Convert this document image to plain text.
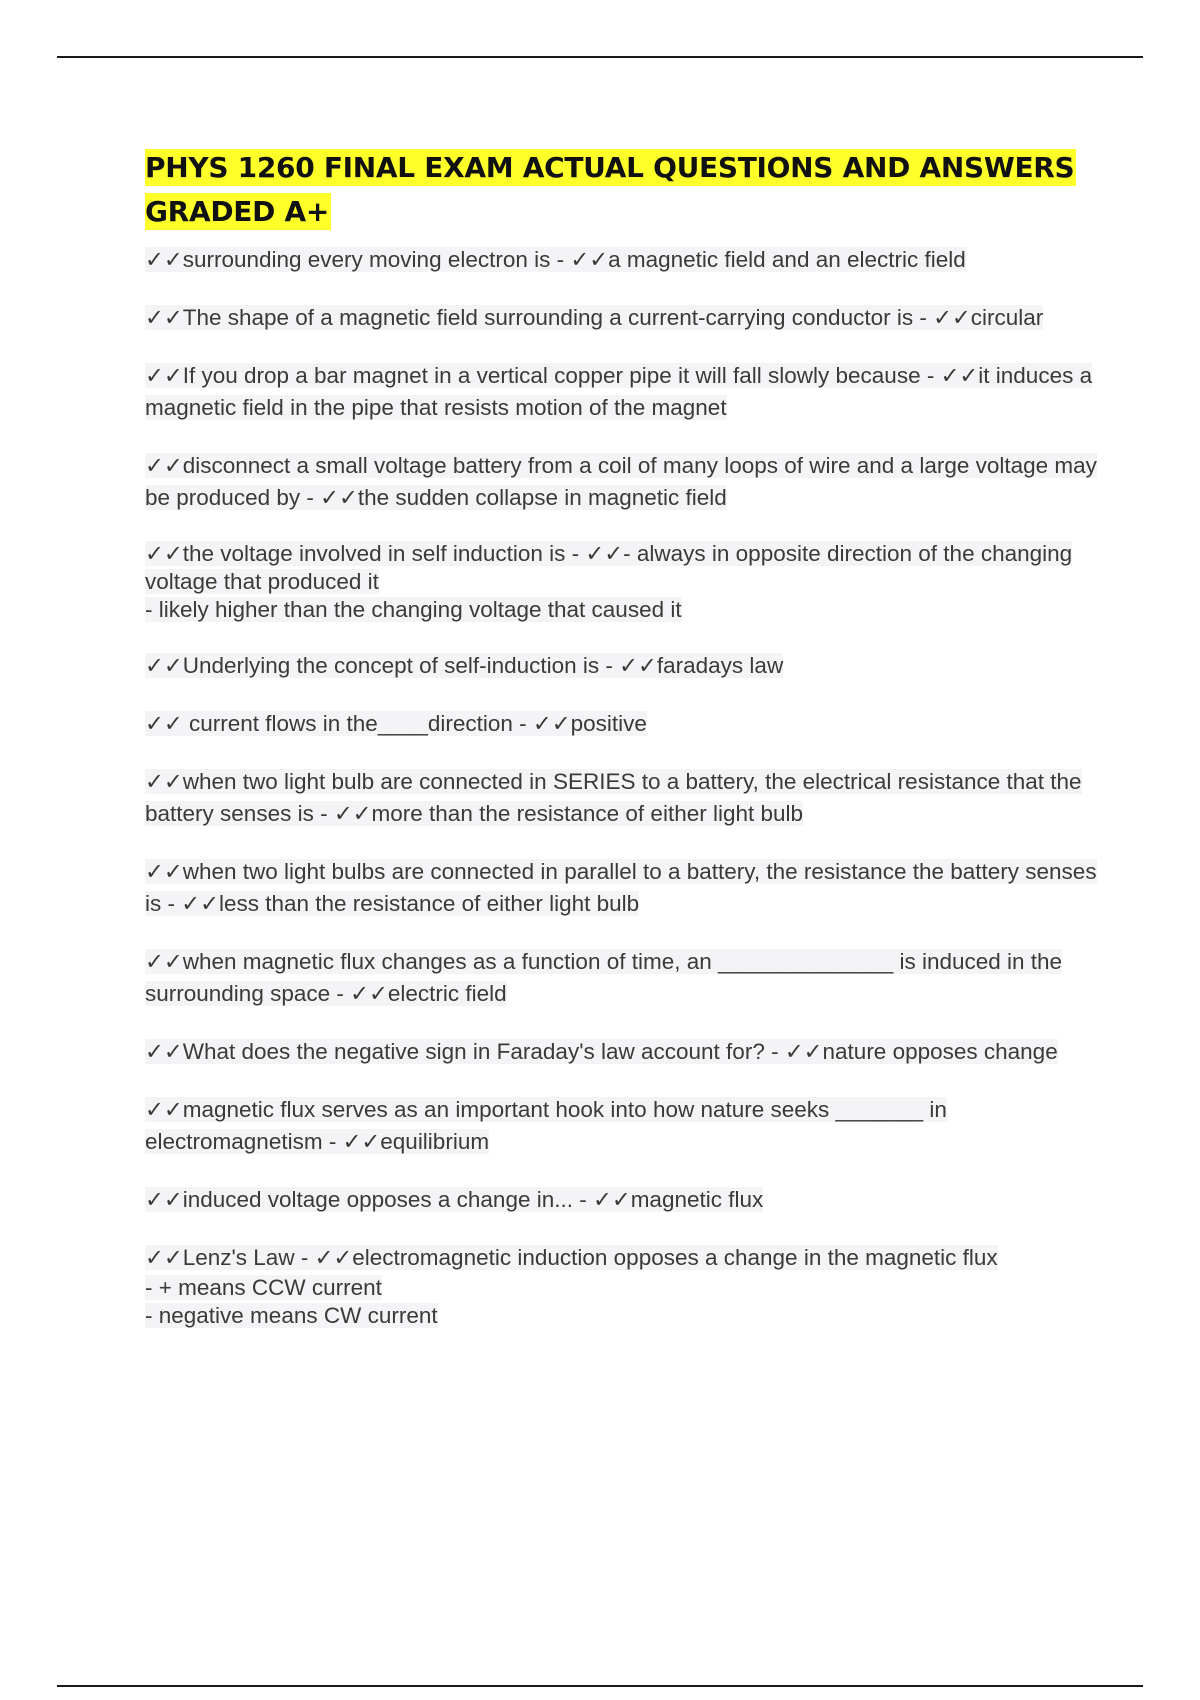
PHYS 1260 FINAL EXAM ACTUAL QUESTIONS AND ANSWERS GRADED A+
✓✓surrounding every moving electron is - ✓✓a magnetic field and an electric field
✓✓The shape of a magnetic field surrounding a current-carrying conductor is - ✓✓circular
✓✓If you drop a bar magnet in a vertical copper pipe it will fall slowly because - ✓✓it induces a magnetic field in the pipe that resists motion of the magnet
✓✓disconnect a small voltage battery from a coil of many loops of wire and a large voltage may be produced by - ✓✓the sudden collapse in magnetic field
✓✓the voltage involved in self induction is - ✓✓- always in opposite direction of the changing voltage that produced it
- likely higher than the changing voltage that caused it
✓✓Underlying the concept of self-induction is - ✓✓faradays law
✓✓ current flows in the____direction - ✓✓positive
✓✓when two light bulb are connected in SERIES to a battery, the electrical resistance that the battery senses is - ✓✓more than the resistance of either light bulb
✓✓when two light bulbs are connected in parallel to a battery, the resistance the battery senses is - ✓✓less than the resistance of either light bulb
✓✓when magnetic flux changes as a function of time, an ______________ is induced in the surrounding space - ✓✓electric field
✓✓What does the negative sign in Faraday's law account for? - ✓✓nature opposes change
✓✓magnetic flux serves as an important hook into how nature seeks _______ in electromagnetism - ✓✓equilibrium
✓✓induced voltage opposes a change in... - ✓✓magnetic flux
✓✓Lenz's Law - ✓✓electromagnetic induction opposes a change in the magnetic flux
- + means CCW current
- negative means CW current
